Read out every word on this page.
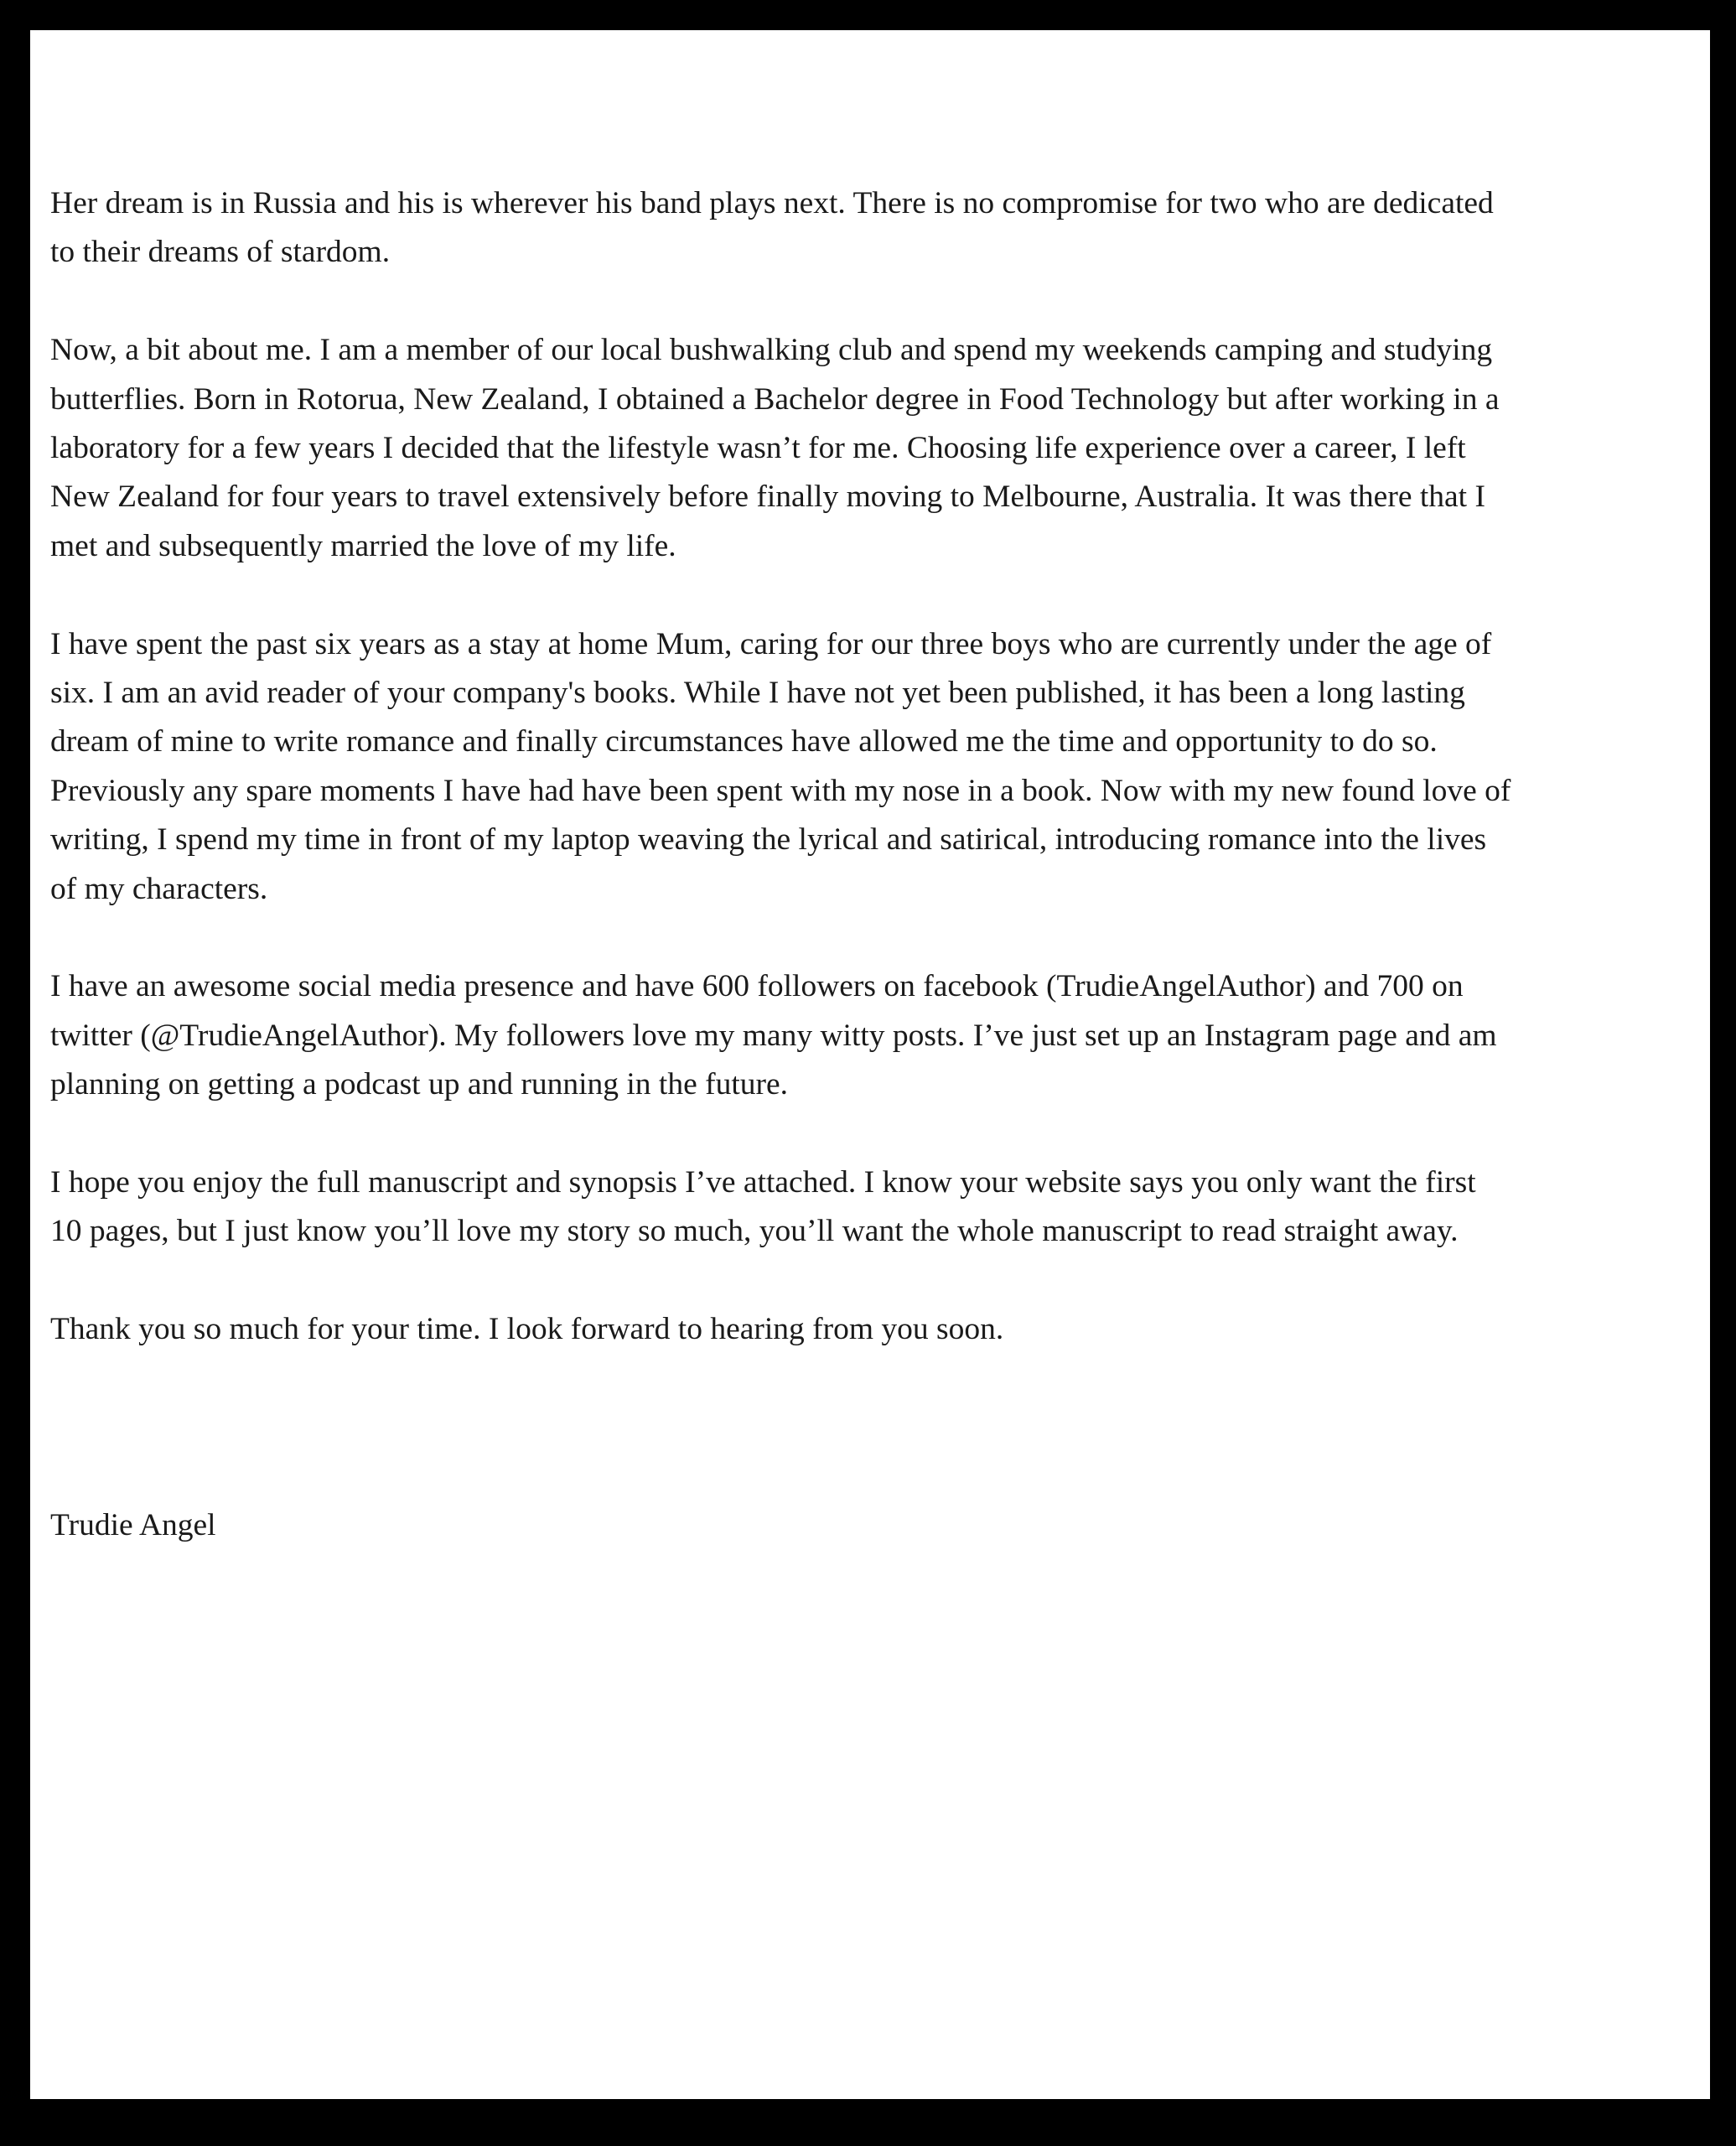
Her dream is in Russia and his is wherever his band plays next. There is no compromise for two who are dedicated

to their dreams of stardom.

Now, a bit about me. I am a member of our local bushwalking club and spend my weekends camping and studying

butterflies. Born in Rotorua, New Zealand, I obtained a Bachelor degree in Food Technology but after working in a

laboratory for a few years I decided that the lifestyle wasn’t for me. Choosing life experience over a career, I left

New Zealand for four years to travel extensively before finally moving to Melbourne, Australia. It was there that I

met and subsequently married the love of my life.

I have spent the past six years as a stay at home Mum, caring for our three boys who are currently under the age of

six. I am an avid reader of your company's books. While I have not yet been published, it has been a long lasting

dream of mine to write romance and finally circumstances have allowed me the time and opportunity to do so.

Previously any spare moments I have had have been spent with my nose in a book. Now with my new found love of

writing, I spend my time in front of my laptop weaving the lyrical and satirical, introducing romance into the lives

of my characters.

I have an awesome social media presence and have 600 followers on facebook (TrudieAngelAuthor) and 700 on

twitter (@TrudieAngelAuthor). My followers love my many witty posts. I’ve just set up an Instagram page and am

planning on getting a podcast up and running in the future.

I hope you enjoy the full manuscript and synopsis I’ve attached. I know your website says you only want the first

10 pages, but I just know you’ll love my story so much, you’ll want the whole manuscript to read straight away.

Thank you so much for your time. I look forward to hearing from you soon.

Trudie Angel
